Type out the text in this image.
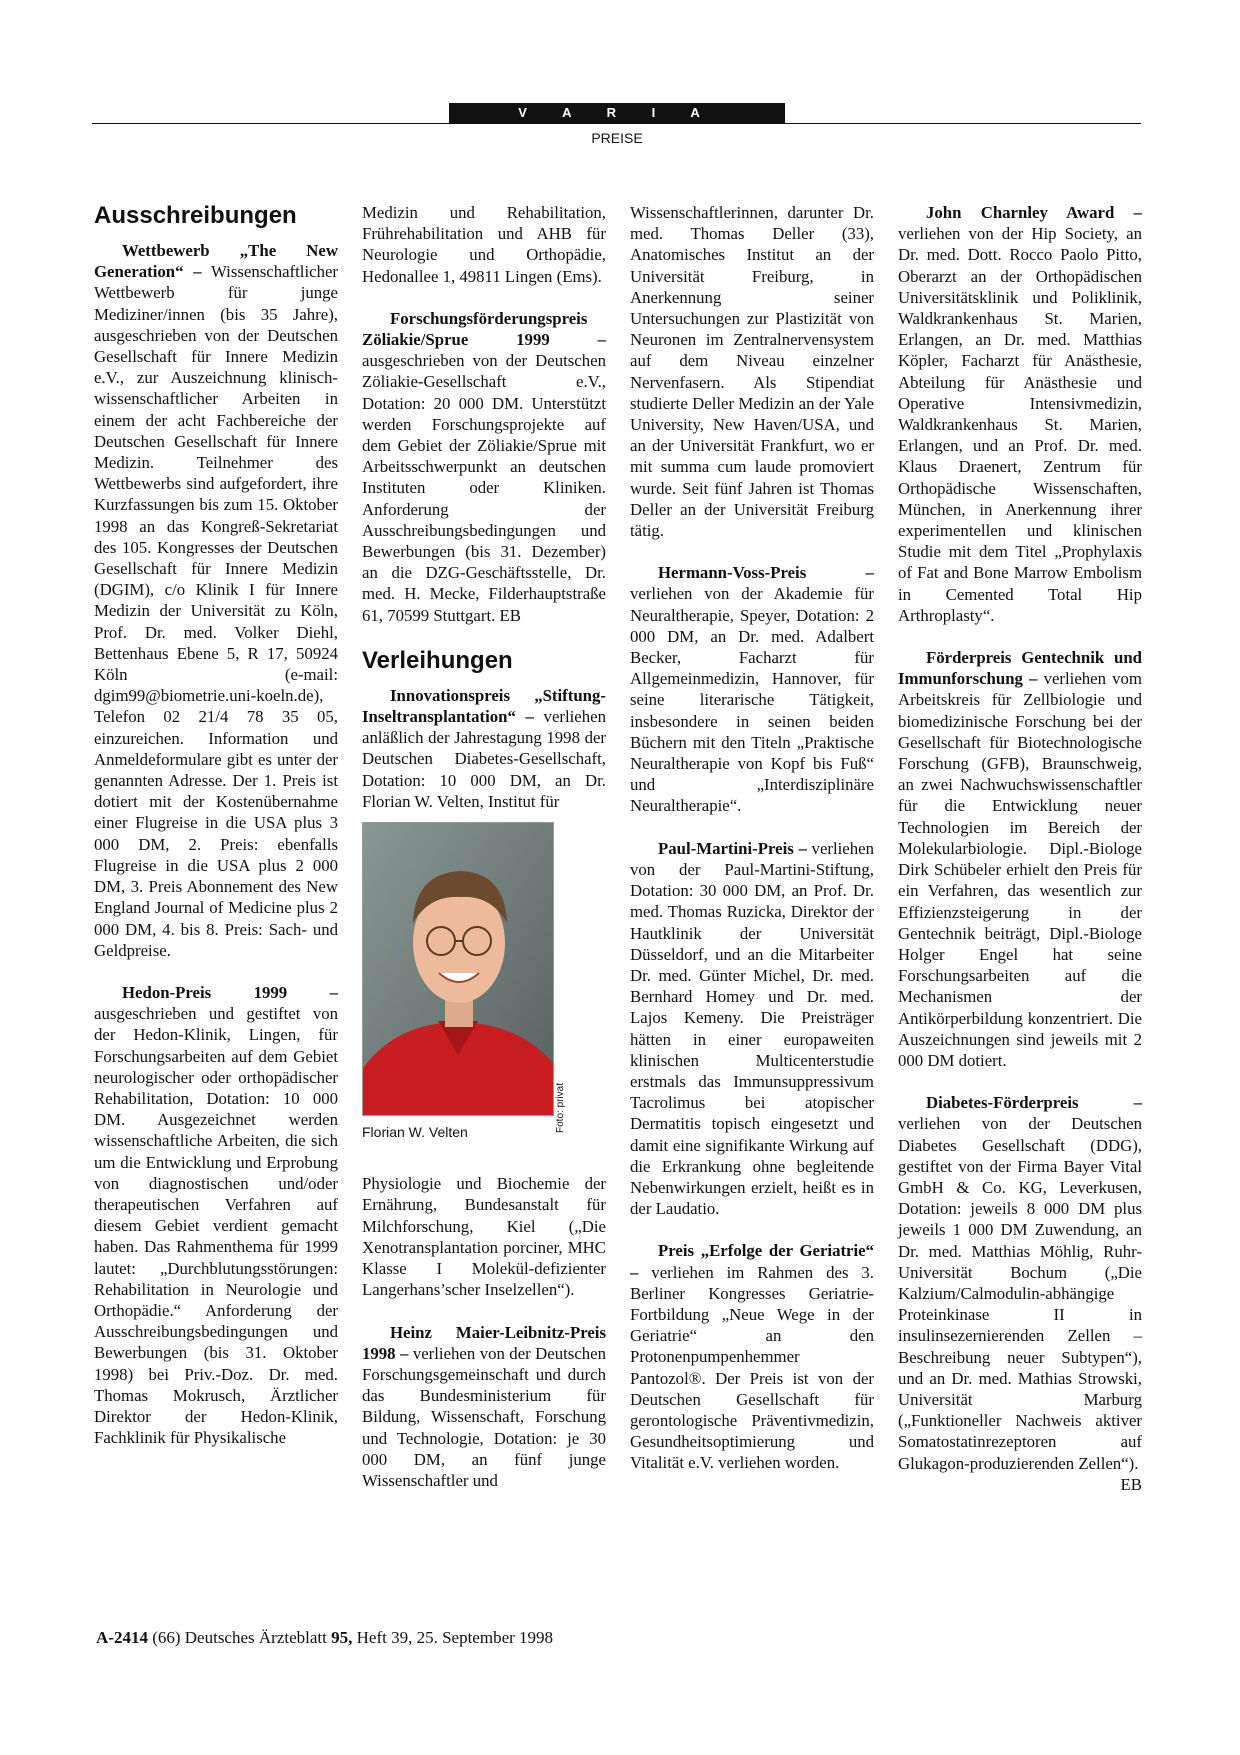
V A R I A
PREISE
Ausschreibungen

Wettbewerb „The New Generation“ – Wissenschaftlicher Wettbewerb für junge Mediziner/innen (bis 35 Jahre), ausgeschrieben von der Deutschen Gesellschaft für Innere Medizin e.V., zur Auszeichnung klinisch-wissenschaftlicher Arbeiten in einem der acht Fachbereiche der Deutschen Gesellschaft für Innere Medizin. Teilnehmer des Wettbewerbs sind aufgefordert, ihre Kurzfassungen bis zum 15. Oktober 1998 an das Kongreß-Sekretariat des 105. Kongresses der Deutschen Gesellschaft für Innere Medizin (DGIM), c/o Klinik I für Innere Medizin der Universität zu Köln, Prof. Dr. med. Volker Diehl, Bettenhaus Ebene 5, R 17, 50924 Köln (e-mail: dgim99@biometrie.uni-koeln.de), Telefon 02 21/4 78 35 05, einzureichen. Information und Anmeldeformulare gibt es unter der genannten Adresse. Der 1. Preis ist dotiert mit der Kostenübernahme einer Flugreise in die USA plus 3 000 DM, 2. Preis: ebenfalls Flugreise in die USA plus 2 000 DM, 3. Preis Abonnement des New England Journal of Medicine plus 2 000 DM, 4. bis 8. Preis: Sach- und Geldpreise.

Hedon-Preis 1999 – ausgeschrieben und gestiftet von der Hedon-Klinik, Lingen, für Forschungsarbeiten auf dem Gebiet neurologischer oder orthopädischer Rehabilitation, Dotation: 10 000 DM. Ausgezeichnet werden wissenschaftliche Arbeiten, die sich um die Entwicklung und Erprobung von diagnostischen und/oder therapeutischen Verfahren auf diesem Gebiet verdient gemacht haben. Das Rahmenthema für 1999 lautet: „Durchblutungsstörungen: Rehabilitation in Neurologie und Orthopädie.“ Anforderung der Ausschreibungsbedingungen und Bewerbungen (bis 31. Oktober 1998) bei Priv.-Doz. Dr. med. Thomas Mokrusch, Ärztlicher Direktor der Hedon-Klinik, Fachklinik für Physikalische

Medizin und Rehabilitation, Frührehabilitation und AHB für Neurologie und Orthopädie, Hedonallee 1, 49811 Lingen (Ems).

Forschungsförderungspreis Zöliakie/Sprue 1999 – ausgeschrieben von der Deutschen Zöliakie-Gesellschaft e.V., Dotation: 20 000 DM. Unterstützt werden Forschungsprojekte auf dem Gebiet der Zöliakie/Sprue mit Arbeitsschwerpunkt an deutschen Instituten oder Kliniken. Anforderung der Ausschreibungsbedingungen und Bewerbungen (bis 31. Dezember) an die DZG-Geschäftsstelle, Dr. med. H. Mecke, Filderhauptstraße 61, 70599 Stuttgart. EB

Verleihungen

Innovationspreis „Stiftung-Inseltransplantation“ – verliehen anläßlich der Jahrestagung 1998 der Deutschen Diabetes-Gesellschaft, Dotation: 10 000 DM, an Dr. Florian W. Velten, Institut für

Florian W. Velten

Physiologie und Biochemie der Ernährung, Bundesanstalt für Milchforschung, Kiel („Die Xenotransplantation porciner, MHC Klasse I Molekül-defizienter Langerhans’scher Inselzellen“).

Heinz Maier-Leibnitz-Preis 1998 – verliehen von der Deutschen Forschungsgemeinschaft und durch das Bundesministerium für Bildung, Wissenschaft, Forschung und Technologie, Dotation: je 30 000 DM, an fünf junge Wissenschaftler und

Foto: privat

Wissenschaftlerinnen, darunter Dr. med. Thomas Deller (33), Anatomisches Institut an der Universität Freiburg, in Anerkennung seiner Untersuchungen zur Plastizität von Neuronen im Zentralnervensystem auf dem Niveau einzelner Nervenfasern. Als Stipendiat studierte Deller Medizin an der Yale University, New Haven/USA, und an der Universität Frankfurt, wo er mit summa cum laude promoviert wurde. Seit fünf Jahren ist Thomas Deller an der Universität Freiburg tätig.

Hermann-Voss-Preis – verliehen von der Akademie für Neuraltherapie, Speyer, Dotation: 2 000 DM, an Dr. med. Adalbert Becker, Facharzt für Allgemeinmedizin, Hannover, für seine literarische Tätigkeit, insbesondere in seinen beiden Büchern mit den Titeln „Praktische Neuraltherapie von Kopf bis Fuß“ und „Interdisziplinäre Neuraltherapie“.

Paul-Martini-Preis – verliehen von der Paul-Martini-Stiftung, Dotation: 30 000 DM, an Prof. Dr. med. Thomas Ruzicka, Direktor der Hautklinik der Universität Düsseldorf, und an die Mitarbeiter Dr. med. Günter Michel, Dr. med. Bernhard Homey und Dr. med. Lajos Kemeny. Die Preisträger hätten in einer europaweiten klinischen Multicenterstudie erstmals das Immunsuppressivum Tacrolimus bei atopischer Dermatitis topisch eingesetzt und damit eine signifikante Wirkung auf die Erkrankung ohne begleitende Nebenwirkungen erzielt, heißt es in der Laudatio.

Preis „Erfolge der Geriatrie“ – verliehen im Rahmen des 3. Berliner Kongresses Geriatrie-Fortbildung „Neue Wege in der Geriatrie“ an den Protonenpumpenhemmer Pantozol®. Der Preis ist von der Deutschen Gesellschaft für gerontologische Präventivmedizin, Gesundheitsoptimierung und Vitalität e.V. verliehen worden.

John Charnley Award – verliehen von der Hip Society, an Dr. med. Dott. Rocco Paolo Pitto, Oberarzt an der Orthopädischen Universitätsklinik und Poliklinik, Waldkrankenhaus St. Marien, Erlangen, an Dr. med. Matthias Köpler, Facharzt für Anästhesie, Abteilung für Anästhesie und Operative Intensivmedizin, Waldkrankenhaus St. Marien, Erlangen, und an Prof. Dr. med. Klaus Draenert, Zentrum für Orthopädische Wissenschaften, München, in Anerkennung ihrer experimentellen und klinischen Studie mit dem Titel „Prophylaxis of Fat and Bone Marrow Embolism in Cemented Total Hip Arthroplasty“.

Förderpreis Gentechnik und Immunforschung – verliehen vom Arbeitskreis für Zellbiologie und biomedizinische Forschung bei der Gesellschaft für Biotechnologische Forschung (GFB), Braunschweig, an zwei Nachwuchswissenschaftler für die Entwicklung neuer Technologien im Bereich der Molekularbiologie. Dipl.-Biologe Dirk Schübeler erhielt den Preis für ein Verfahren, das wesentlich zur Effizienzsteigerung in der Gentechnik beiträgt, Dipl.-Biologe Holger Engel hat seine Forschungsarbeiten auf die Mechanismen der Antikörperbildung konzentriert. Die Auszeichnungen sind jeweils mit 2 000 DM dotiert.

Diabetes-Förderpreis – verliehen von der Deutschen Diabetes Gesellschaft (DDG), gestiftet von der Firma Bayer Vital GmbH & Co. KG, Leverkusen, Dotation: jeweils 8 000 DM plus jeweils 1 000 DM Zuwendung, an Dr. med. Matthias Möhlig, Ruhr-Universität Bochum („Die Kalzium/Calmodulin-abhängige Proteinkinase II in insulinsezernierenden Zellen – Beschreibung neuer Subtypen“), und an Dr. med. Mathias Strowski, Universität Marburg („Funktioneller Nachweis aktiver Somatostatinrezeptoren auf Glukagon-produzierenden Zellen“).
EB

A-2414 (66) Deutsches Ärzteblatt 95, Heft 39, 25. September 1998
